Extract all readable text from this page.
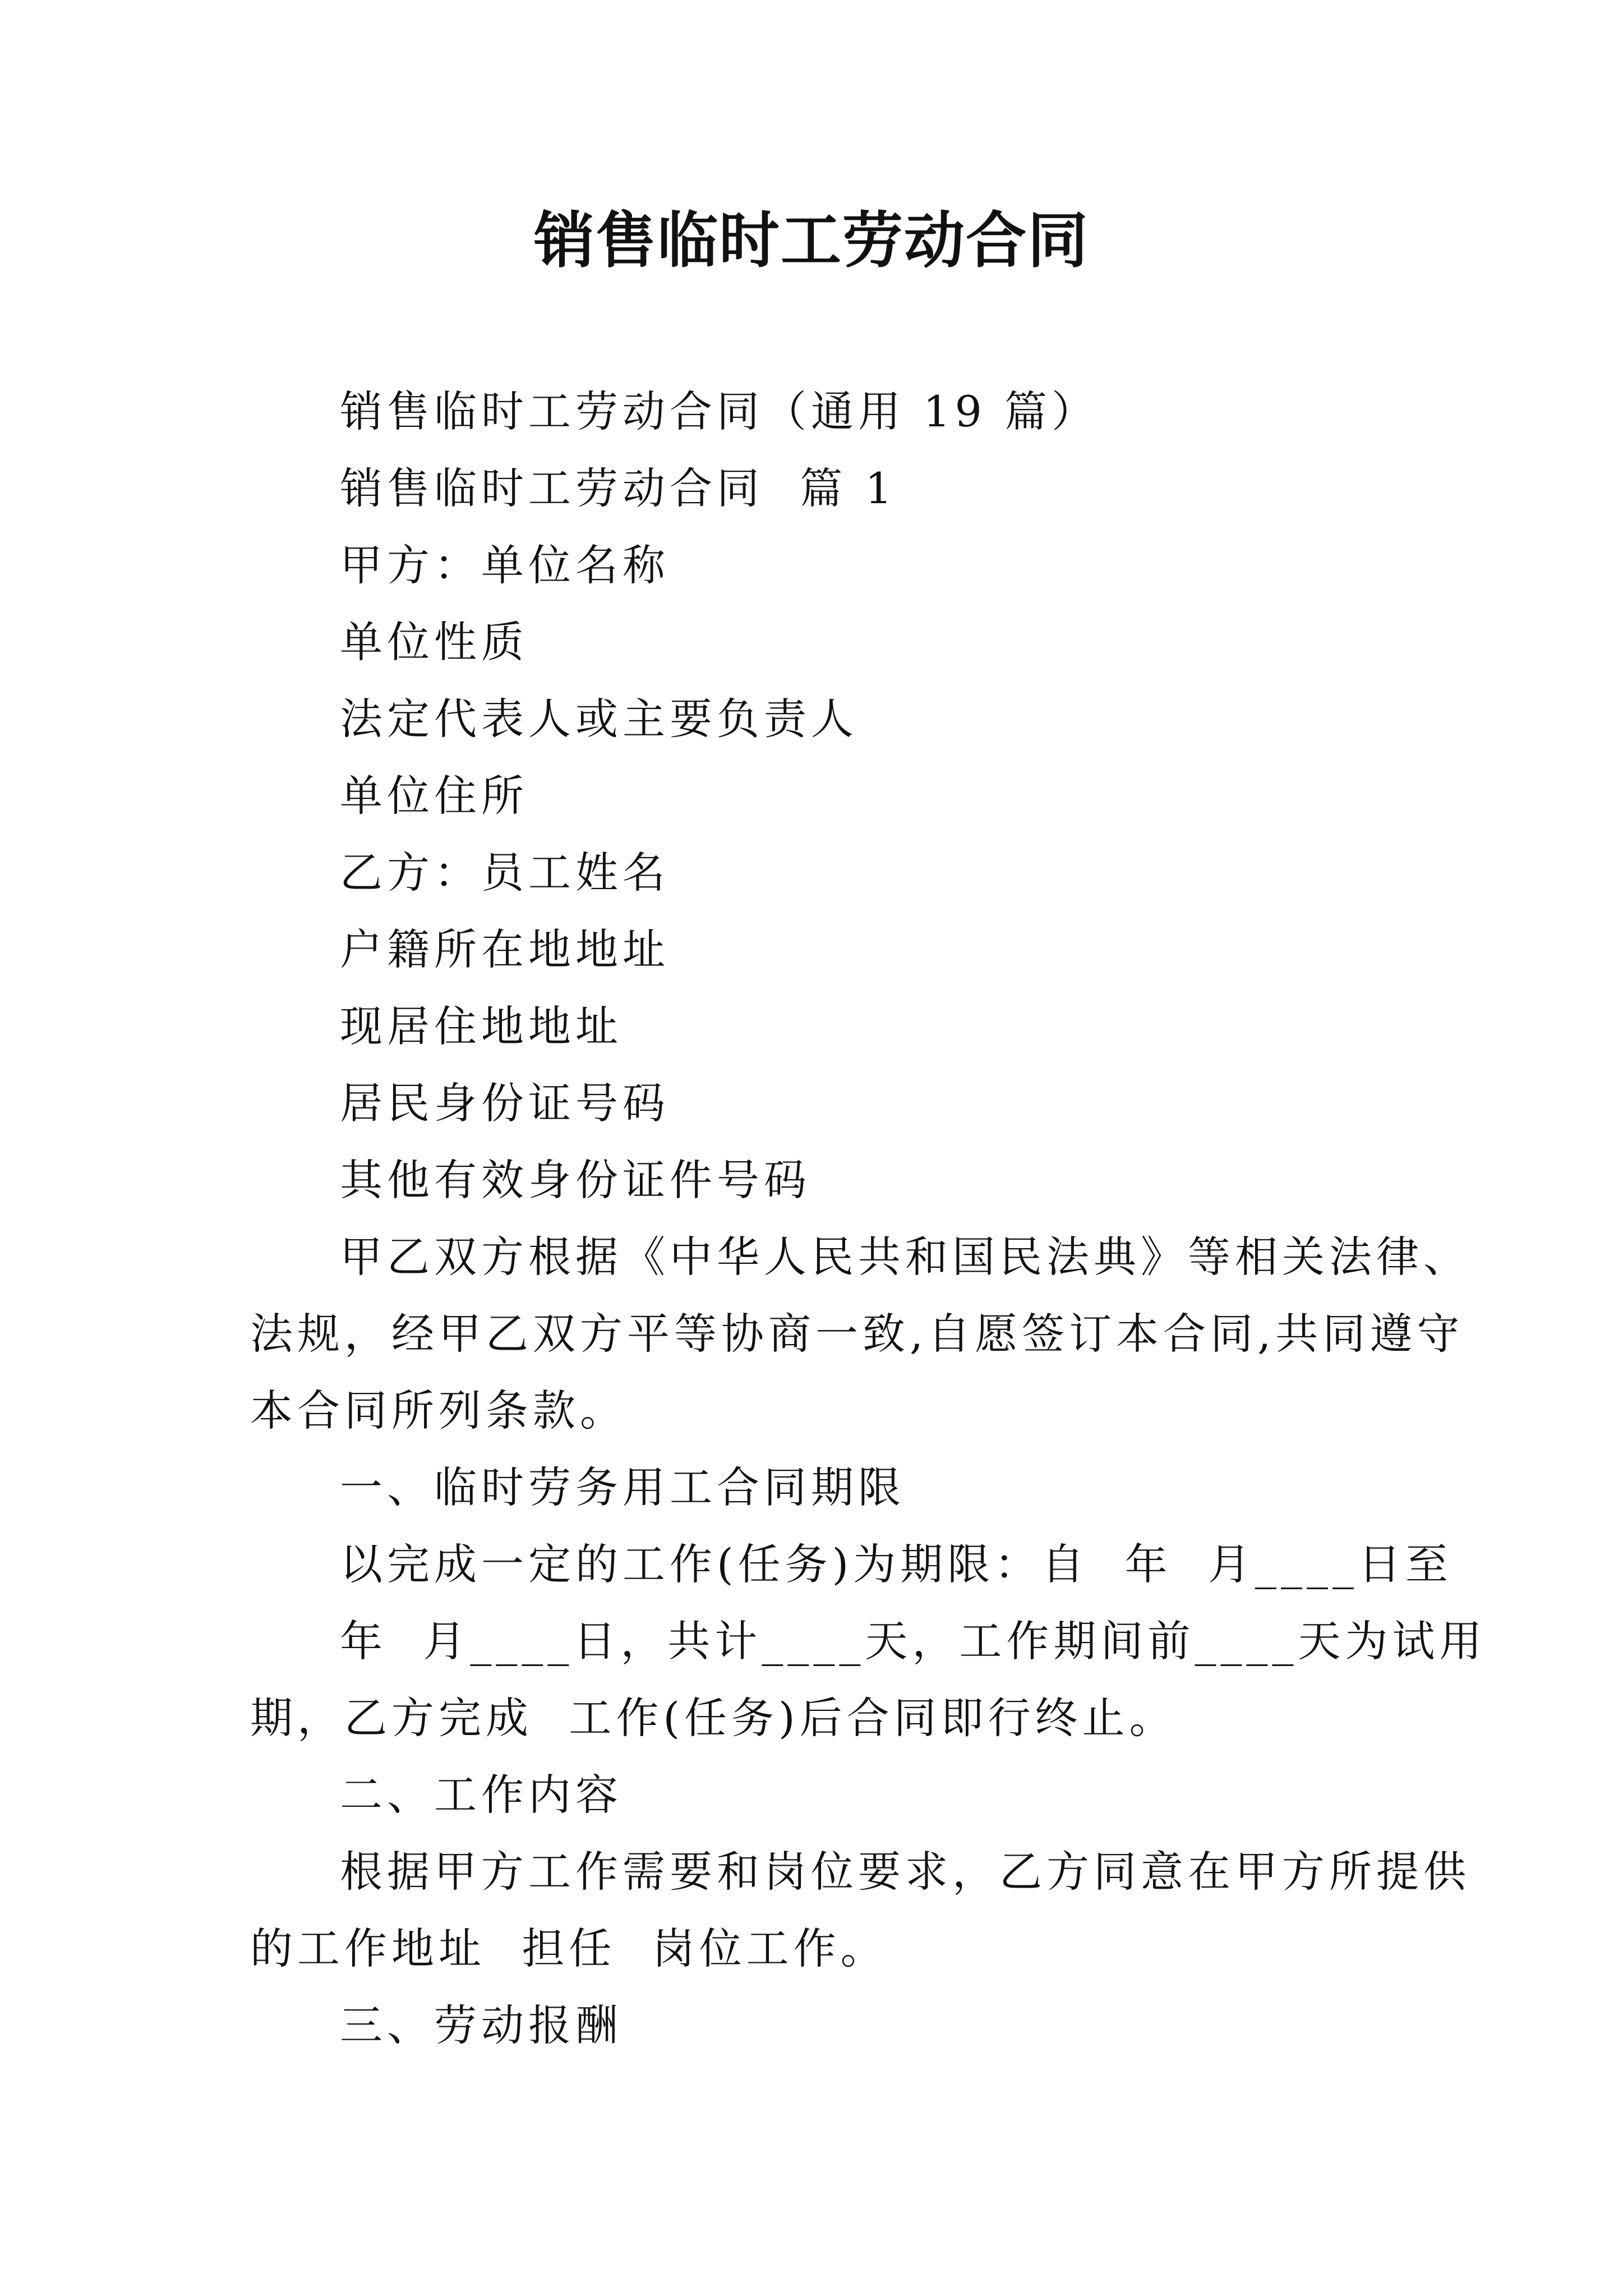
销售临时工劳动合同
销售临时工劳动合同（通用 19 篇）
销售临时工劳动合同  篇 1
甲方：单位名称
单位性质
法定代表人或主要负责人
单位住所
乙方：员工姓名
户籍所在地地址
现居住地地址
居民身份证号码
其他有效身份证件号码
甲乙双方根据《中华人民共和国民法典》等相关法律、
法规，经甲乙双方平等协商一致,自愿签订本合同,共同遵守
本合同所列条款。
一、临时劳务用工合同期限
以完成一定的工作(任务)为期限：自  年  月____日至
年  月____日，共计____天，工作期间前____天为试用
期，乙方完成  工作(任务)后合同即行终止。
二、工作内容
根据甲方工作需要和岗位要求，乙方同意在甲方所提供
的工作地址  担任  岗位工作。
三、劳动报酬
